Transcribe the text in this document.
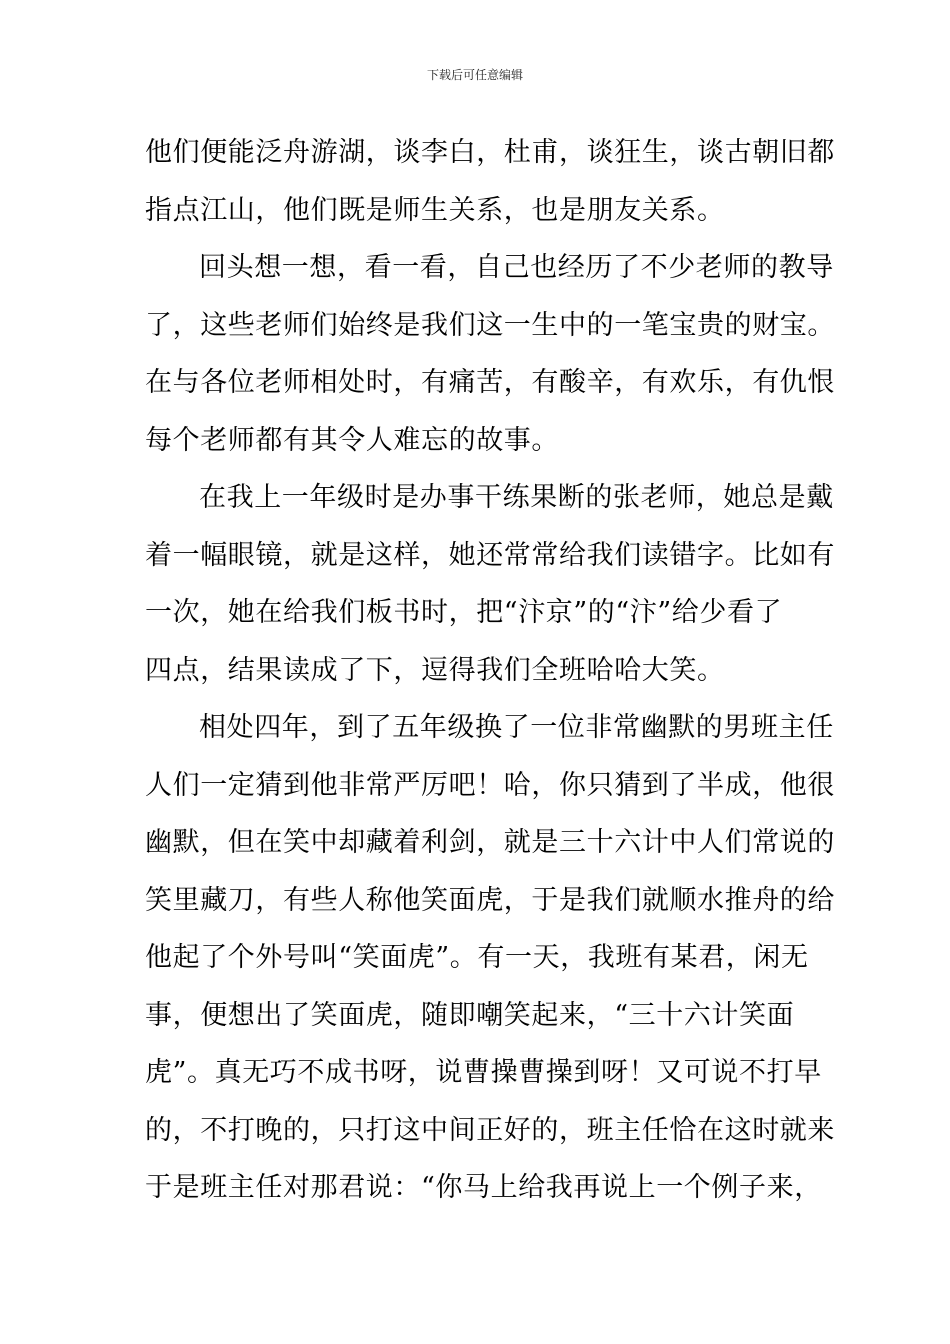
下载后可任意编辑
他们便能泛舟游湖，谈李白，杜甫，谈狂生，谈古朝旧都
指点江山，他们既是师生关系，也是朋友关系。
回头想一想，看一看，自己也经历了不少老师的教导
了，这些老师们始终是我们这一生中的一笔宝贵的财宝。
在与各位老师相处时，有痛苦，有酸辛，有欢乐，有仇恨
每个老师都有其令人难忘的故事。
在我上一年级时是办事干练果断的张老师，她总是戴
着一幅眼镜，就是这样，她还常常给我们读错字。比如有
一次，她在给我们板书时，把“汴京”的“汴”给少看了
四点，结果读成了下，逗得我们全班哈哈大笑。
相处四年，到了五年级换了一位非常幽默的男班主任
人们一定猜到他非常严厉吧！哈，你只猜到了半成，他很
幽默，但在笑中却藏着利剑，就是三十六计中人们常说的
笑里藏刀，有些人称他笑面虎，于是我们就顺水推舟的给
他起了个外号叫“笑面虎”。有一天，我班有某君，闲无
事，便想出了笑面虎，随即嘲笑起来，“三十六计笑面
虎”。真无巧不成书呀，说曹操曹操到呀！又可说不打早
的，不打晚的，只打这中间正好的，班主任恰在这时就来
于是班主任对那君说：“你马上给我再说上一个例子来，
